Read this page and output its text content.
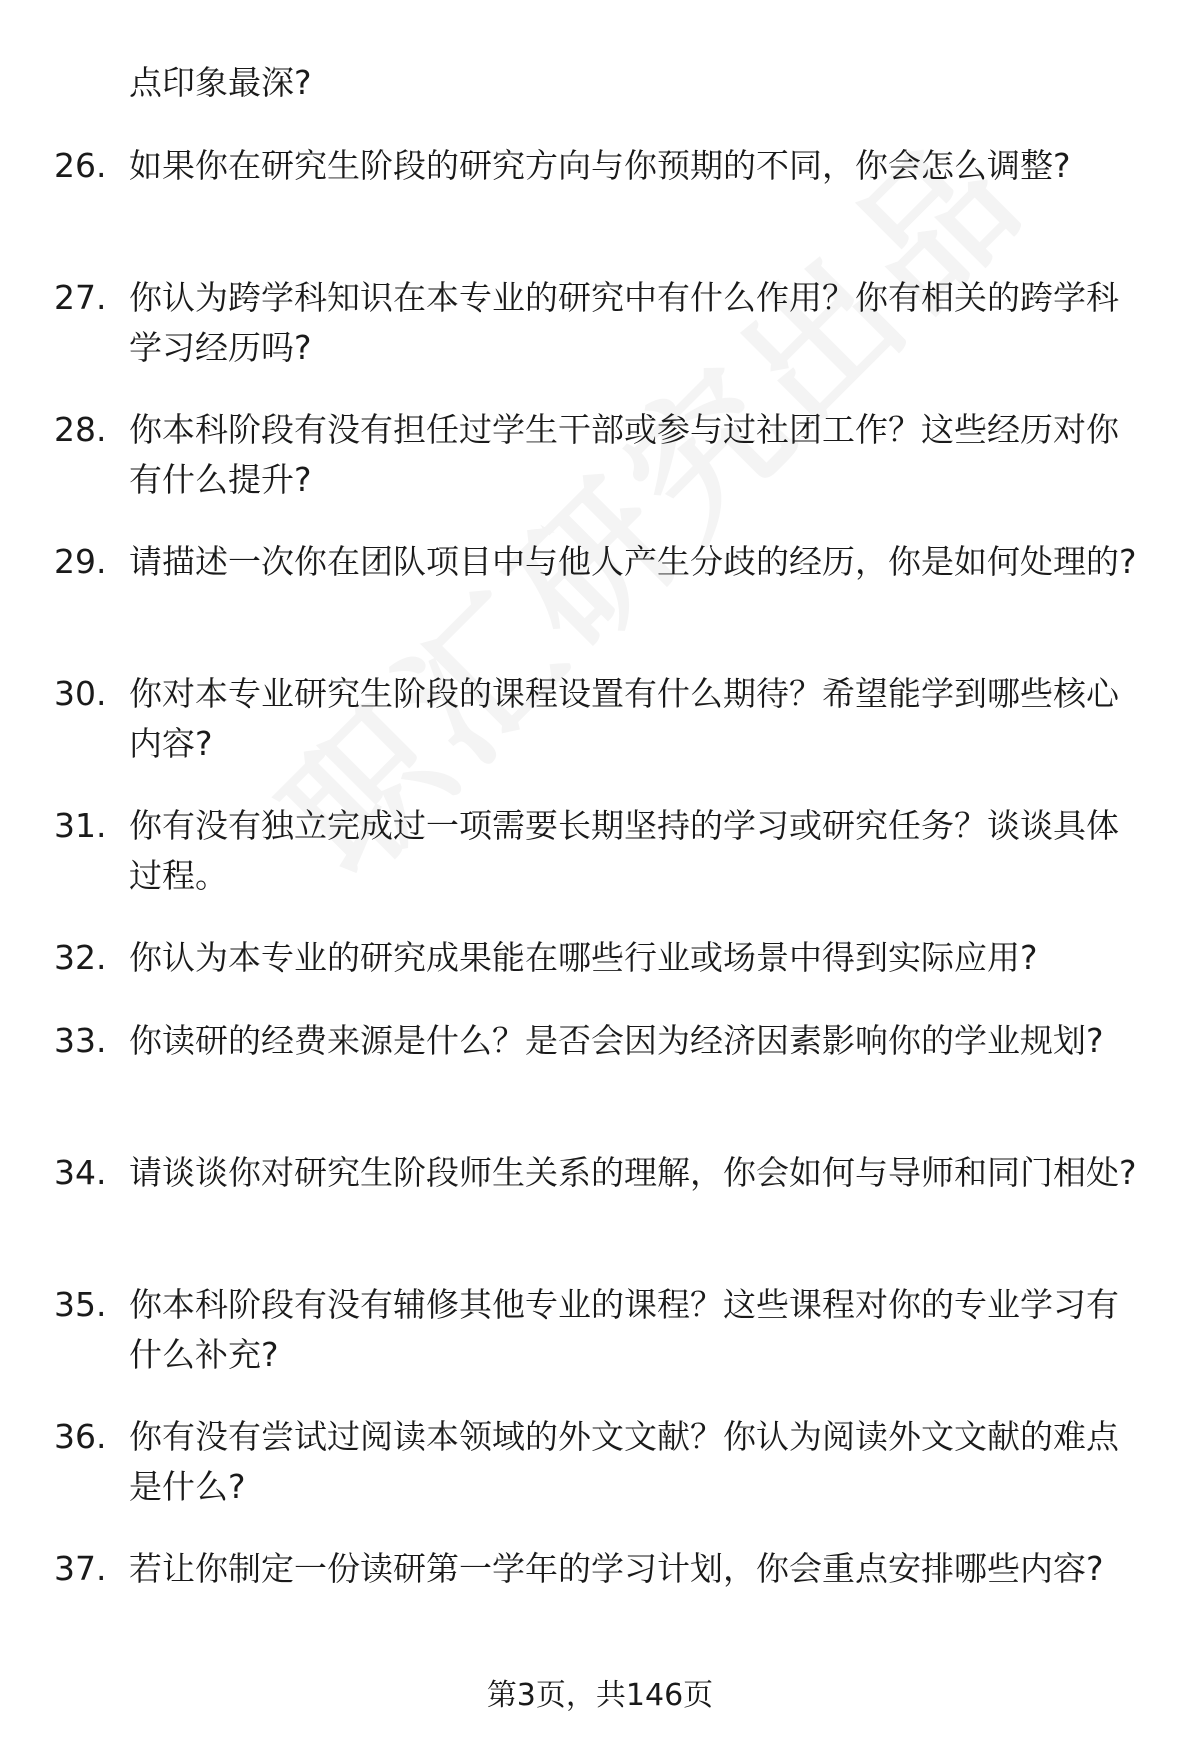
点印象最深?
26. 如果你在研究生阶段的研究方向与你预期的不同，你会怎么调整?
27. 你认为跨学科知识在本专业的研究中有什么作用？你有相关的跨学科学习经历吗?
28. 你本科阶段有没有担任过学生干部或参与过社团工作？这些经历对你有什么提升?
29. 请描述一次你在团队项目中与他人产生分歧的经历，你是如何处理的?
30. 你对本专业研究生阶段的课程设置有什么期待？希望能学到哪些核心内容?
31. 你有没有独立完成过一项需要长期坚持的学习或研究任务？谈谈具体过程。
32. 你认为本专业的研究成果能在哪些行业或场景中得到实际应用?
33. 你读研的经费来源是什么？是否会因为经济因素影响你的学业规划?
34. 请谈谈你对研究生阶段师生关系的理解，你会如何与导师和同门相处?
35. 你本科阶段有没有辅修其他专业的课程？这些课程对你的专业学习有什么补充?
36. 你有没有尝试过阅读本领域的外文文献？你认为阅读外文文献的难点是什么?
37. 若让你制定一份读研第一学年的学习计划，你会重点安排哪些内容?
第3页，共146页
